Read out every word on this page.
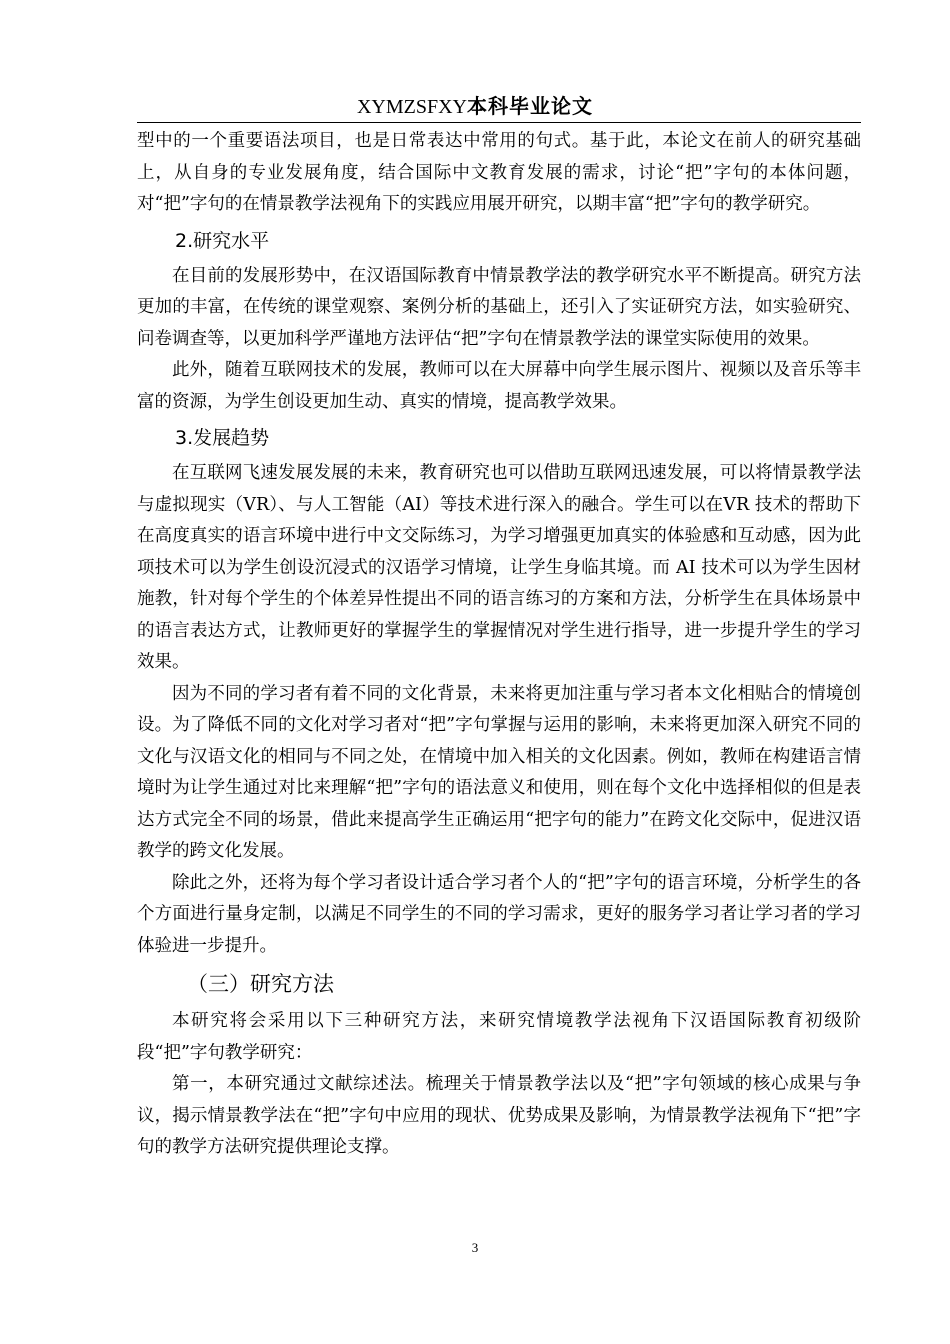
XYMZSFXY本科毕业论文

型中的一个重要语法项目，也是日常表达中常用的句式。基于此，本论文在前人的研究基础上，从自身的专业发展角度，结合国际中文教育发展的需求，讨论“把”字句的本体问题，对“把”字句的在情景教学法视角下的实践应用展开研究，以期丰富“把”字句的教学研究。

2.研究水平

在目前的发展形势中，在汉语国际教育中情景教学法的教学研究水平不断提高。研究方法更加的丰富，在传统的课堂观察、案例分析的基础上，还引入了实证研究方法，如实验研究、问卷调查等，以更加科学严谨地方法评估“把”字句在情景教学法的课堂实际使用的效果。

此外，随着互联网技术的发展，教师可以在大屏幕中向学生展示图片、视频以及音乐等丰富的资源，为学生创设更加生动、真实的情境，提高教学效果。

3.发展趋势

在互联网飞速发展发展的未来，教育研究也可以借助互联网迅速发展，可以将情景教学法与虚拟现实（VR）、与人工智能（AI）等技术进行深入的融合。学生可以在VR 技术的帮助下在高度真实的语言环境中进行中文交际练习，为学习增强更加真实的体验感和互动感，因为此项技术可以为学生创设沉浸式的汉语学习情境，让学生身临其境。而 AI 技术可以为学生因材施教，针对每个学生的个体差异性提出不同的语言练习的方案和方法，分析学生在具体场景中的语言表达方式，让教师更好的掌握学生的掌握情况对学生进行指导，进一步提升学生的学习效果。

因为不同的学习者有着不同的文化背景，未来将更加注重与学习者本文化相贴合的情境创设。为了降低不同的文化对学习者对“把”字句掌握与运用的影响，未来将更加深入研究不同的文化与汉语文化的相同与不同之处，在情境中加入相关的文化因素。例如，教师在构建语言情境时为让学生通过对比来理解“把”字句的语法意义和使用，则在每个文化中选择相似的但是表达方式完全不同的场景，借此来提高学生正确运用“把字句的能力”在跨文化交际中，促进汉语教学的跨文化发展。

除此之外，还将为每个学习者设计适合学习者个人的“把”字句的语言环境，分析学生的各个方面进行量身定制，以满足不同学生的不同的学习需求，更好的服务学习者让学习者的学习体验进一步提升。

（三）研究方法

本研究将会采用以下三种研究方法，来研究情境教学法视角下汉语国际教育初级阶段“把”字句教学研究：

第一，本研究通过文献综述法。梳理关于情景教学法以及“把”字句领域的核心成果与争议，揭示情景教学法在“把”字句中应用的现状、优势成果及影响，为情景教学法视角下“把”字句的教学方法研究提供理论支撑。

3
